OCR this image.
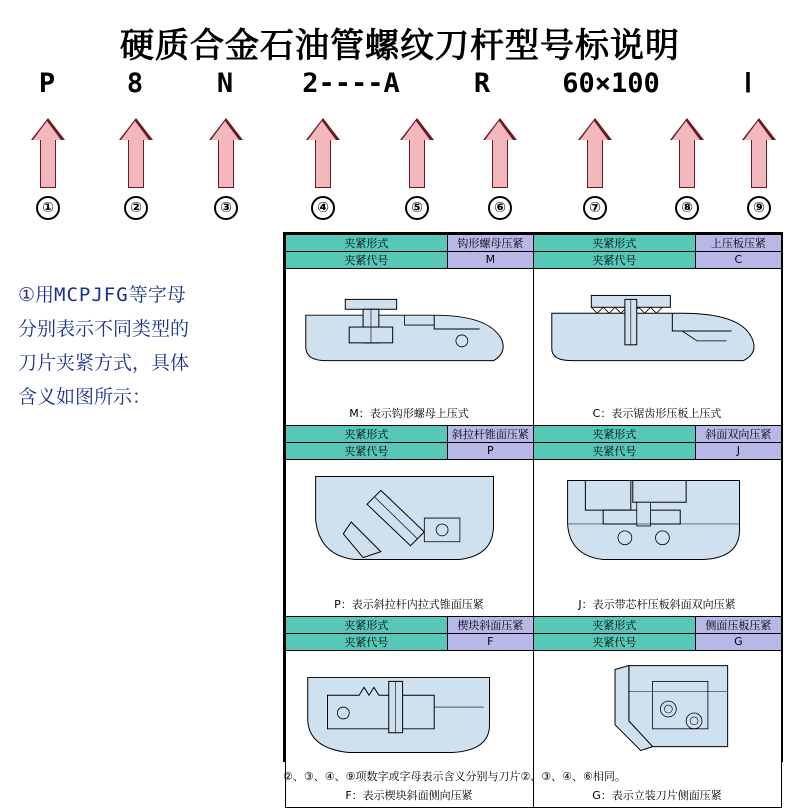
硬质合金石油管螺纹刀杆型号标说明
P	8	N	2----A	R	60×100	Ⅰ
①	②	③	④	⑤	⑥	⑦	⑧	⑨
①用MCPJFG等字母
分别表示不同类型的
刀片夹紧方式，具体
含义如图所示：
夹紧形式	钩形螺母压紧	夹紧形式	上压板压紧
夹紧代号	M	夹紧代号	C
M：表示钩形螺母上压式	C：表示锯齿形压板上压式
夹紧形式	斜拉杆锥面压紧	夹紧形式	斜面双向压紧
夹紧代号	P	夹紧代号	J
P：表示斜拉杆内拉式锥面压紧	J：表示带芯杆压板斜面双向压紧
夹紧形式	楔块斜面压紧	夹紧形式	侧面压板压紧
夹紧代号	F	夹紧代号	G
F：表示楔块斜面侧向压紧	G：表示立装刀片侧面压紧
②、③、④、⑨项数字或字母表示含义分别与刀片②、③、④、⑥相同。
